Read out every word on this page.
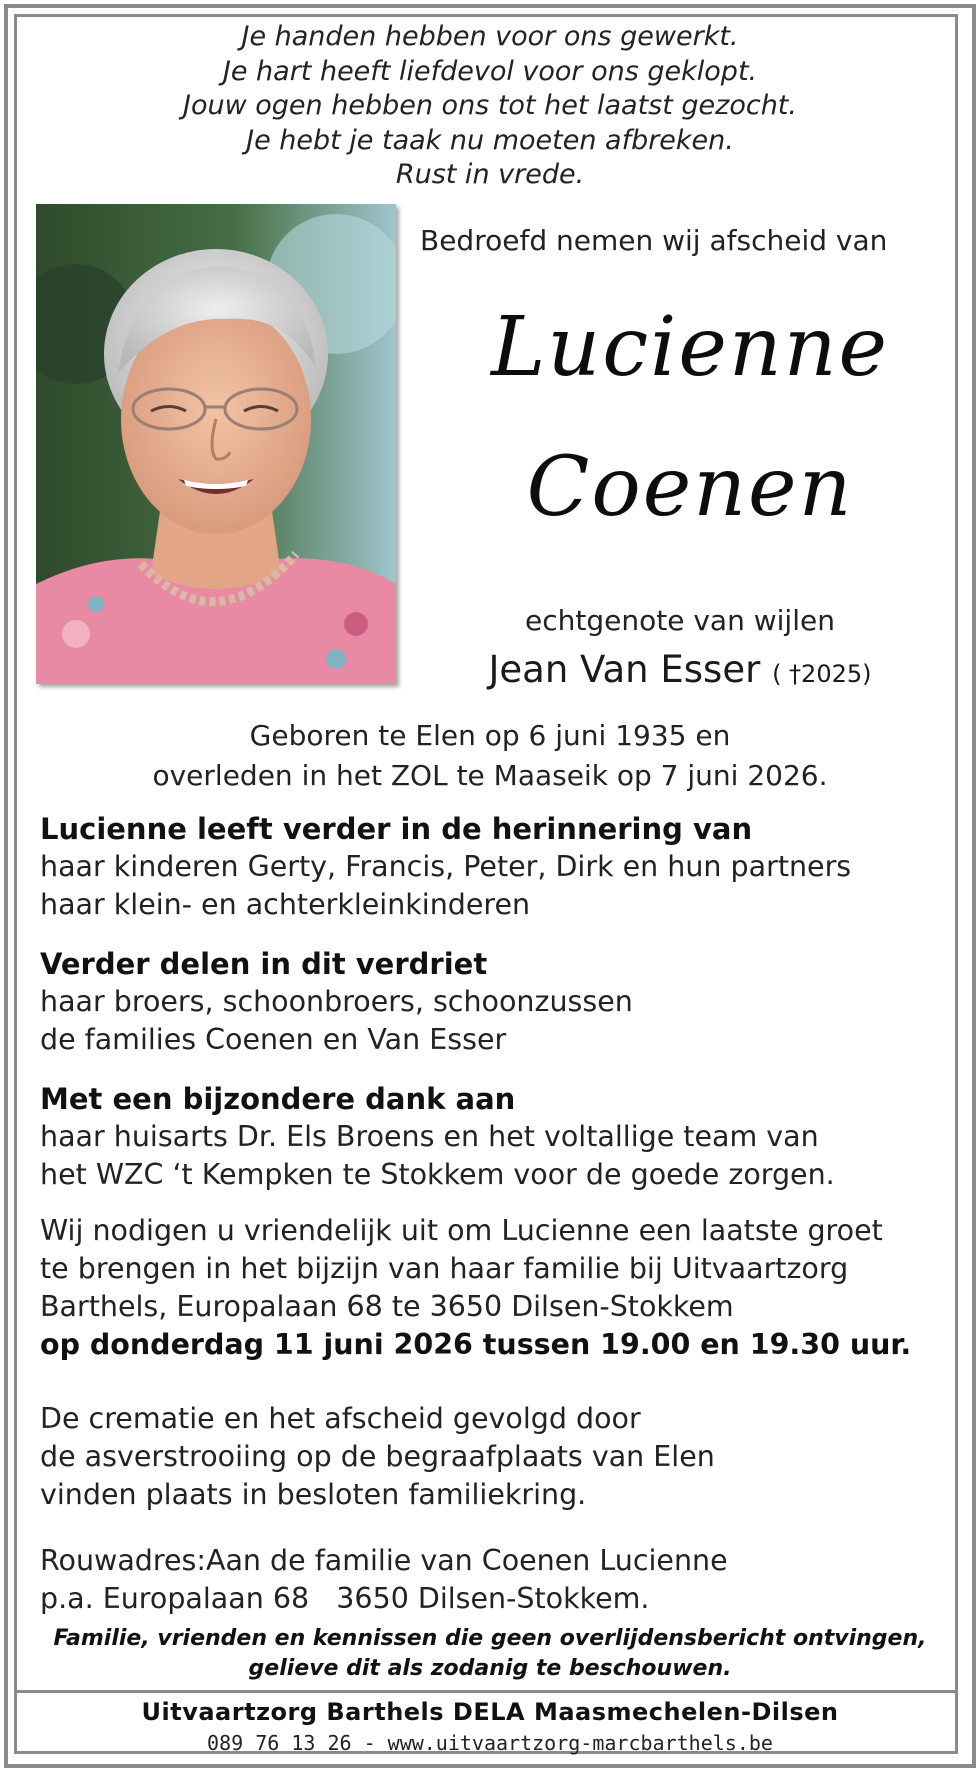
Je handen hebben voor ons gewerkt.
Je hart heeft liefdevol voor ons geklopt.
Jouw ogen hebben ons tot het laatst gezocht.
Je hebt je taak nu moeten afbreken.
Rust in vrede.
Bedroefd nemen wij afscheid van
Lucienne
Coenen
echtgenote van wijlen
Jean Van Esser ( †2025)
Geboren te Elen op 6 juni 1935 en
overleden in het ZOL te Maaseik op 7 juni 2026.
Lucienne leeft verder in de herinnering van
haar kinderen Gerty, Francis, Peter, Dirk en hun partners
haar klein- en achterkleinkinderen
Verder delen in dit verdriet
haar broers, schoonbroers, schoonzussen
de families Coenen en Van Esser
Met een bijzondere dank aan
haar huisarts Dr. Els Broens en het voltallige team van
het WZC ‘t Kempken te Stokkem voor de goede zorgen.
Wij nodigen u vriendelijk uit om Lucienne een laatste groet
te brengen in het bijzijn van haar familie bij Uitvaartzorg
Barthels, Europalaan 68 te 3650 Dilsen-Stokkem
op donderdag 11 juni 2026 tussen 19.00 en 19.30 uur.
De crematie en het afscheid gevolgd door
de asverstrooiing op de begraafplaats van Elen
vinden plaats in besloten familiekring.
Rouwadres:Aan de familie van Coenen Lucienne
p.a. Europalaan 68   3650 Dilsen-Stokkem.
Familie, vrienden en kennissen die geen overlijdensbericht ontvingen,
gelieve dit als zodanig te beschouwen.
Uitvaartzorg Barthels DELA Maasmechelen-Dilsen
089 76 13 26 - www.uitvaartzorg-marcbarthels.be
